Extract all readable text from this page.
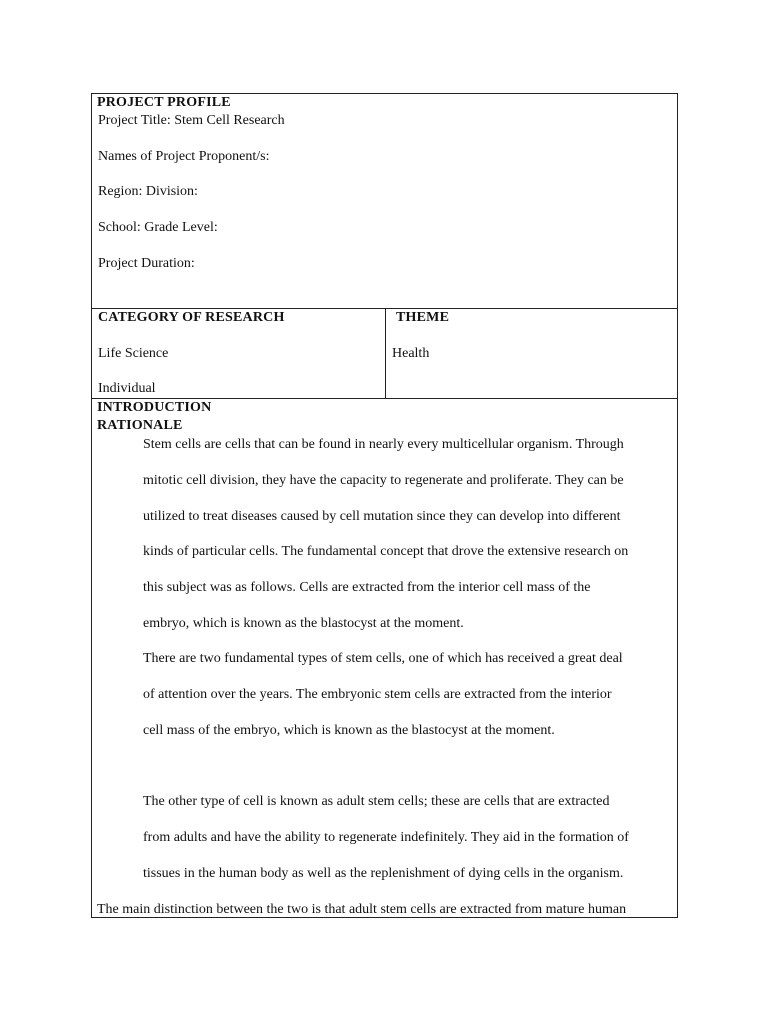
PROJECT PROFILE
Project Title: Stem Cell Research
Names of Project Proponent/s:
Region: Division:
School: Grade Level:
Project Duration:
CATEGORY OF RESEARCH
Life Science
Individual
THEME
Health
INTRODUCTION
RATIONALE
Stem cells are cells that can be found in nearly every multicellular organism. Through
mitotic cell division, they have the capacity to regenerate and proliferate. They can be
utilized to treat diseases caused by cell mutation since they can develop into different
kinds of particular cells. The fundamental concept that drove the extensive research on
this subject was as follows. Cells are extracted from the interior cell mass of the
embryo, which is known as the blastocyst at the moment.
There are two fundamental types of stem cells, one of which has received a great deal
of attention over the years. The embryonic stem cells are extracted from the interior
cell mass of the embryo, which is known as the blastocyst at the moment.
The other type of cell is known as adult stem cells; these are cells that are extracted
from adults and have the ability to regenerate indefinitely. They aid in the formation of
tissues in the human body as well as the replenishment of dying cells in the organism.
The main distinction between the two is that adult stem cells are extracted from mature human
